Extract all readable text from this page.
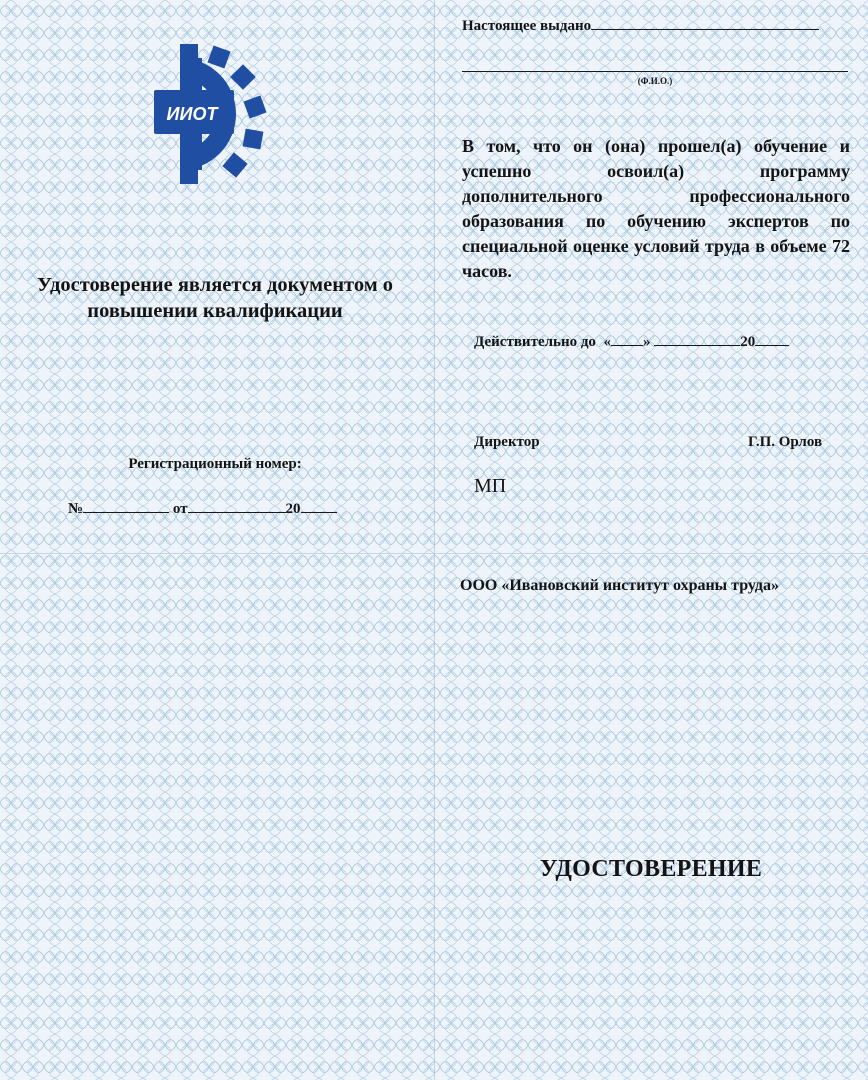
ИИОТ
Удостоверение является документом о повышении квалификации
Регистрационный номер:
№	от	20
Настоящее выдано
(Ф.И.О.)
В том, что он (она) прошел(а) обучение и успешно освоил(а) программу дополнительного профессионального образования по обучению экспертов по специальной оценке условий труда в объеме 72 часов.
Действительно до « »	20
Директор	Г.П. Орлов
МП
ООО «Ивановский институт охраны труда»
УДОСТОВЕРЕНИЕ
